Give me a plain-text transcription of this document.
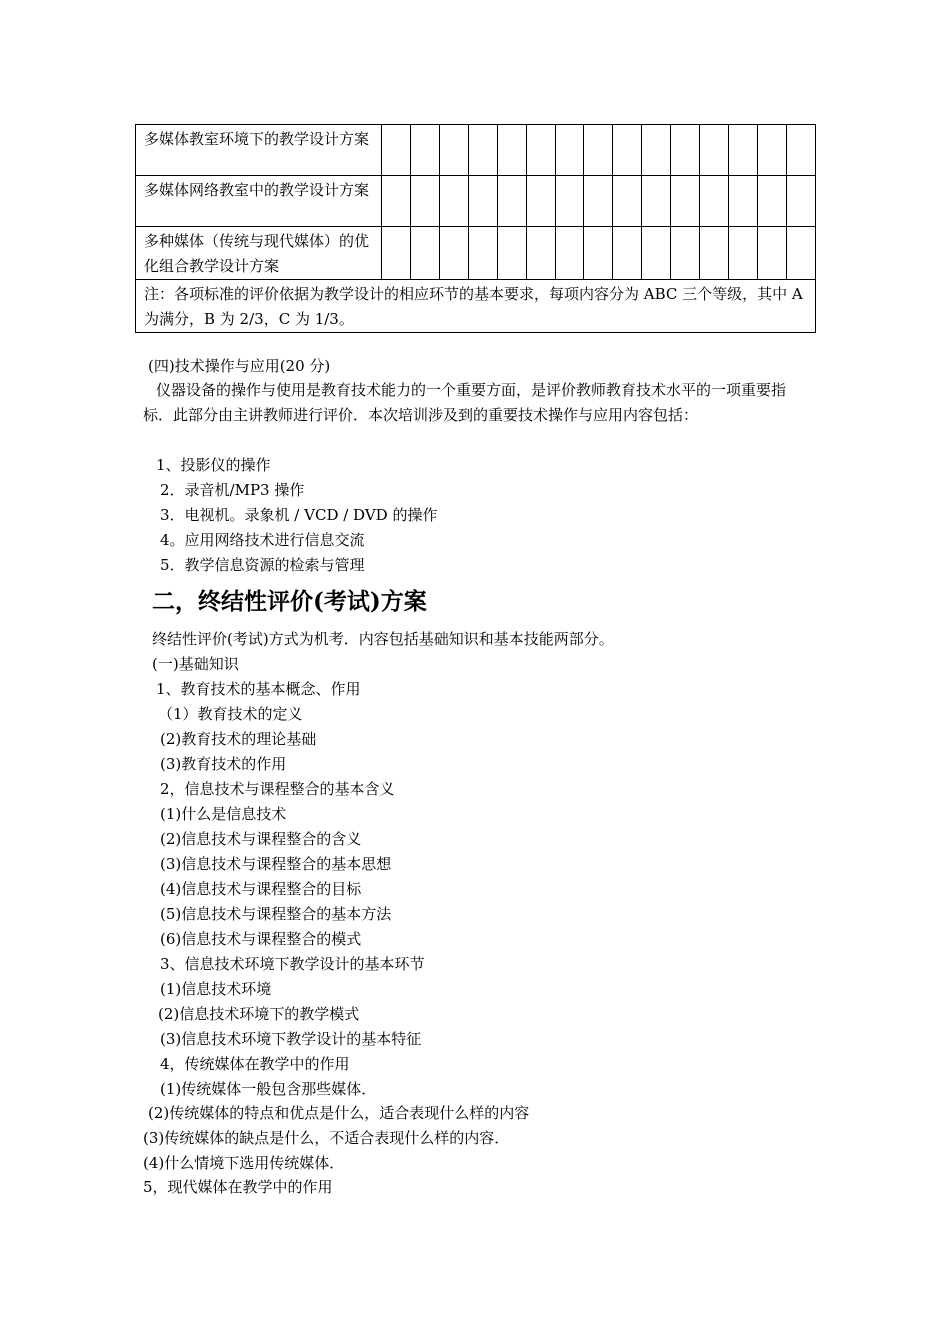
多媒体教室环境下的教学设计方案															
多媒体网络教室中的教学设计方案															
多种媒体（传统与现代媒体）的优化组合教学设计方案															
注：各项标准的评价依据为教学设计的相应环节的基本要求，每项内容分为 ABC 三个等级，其中 A 为满分，B 为 2/3，C 为 1/3。															
(四)技术操作与应用(20 分)
仪器设备的操作与使用是教育技术能力的一个重要方面，是评价教师教育技术水平的一项重要指标．此部分由主讲教师进行评价．本次培训涉及到的重要技术操作与应用内容包括：
1、投影仪的操作
2．录音机/MP3 操作
3．电视机。录象机 / VCD / DVD 的操作
4。应用网络技术进行信息交流
5．教学信息资源的检索与管理
二，终结性评价(考试)方案
终结性评价(考试)方式为机考．内容包括基础知识和基本技能两部分。
(一)基础知识
1、教育技术的基本概念、作用
（1）教育技术的定义
(2)教育技术的理论基础
(3)教育技术的作用
2，信息技术与课程整合的基本含义
(1)什么是信息技术
(2)信息技术与课程整合的含义
(3)信息技术与课程整合的基本思想
(4)信息技术与课程整合的目标
(5)信息技术与课程整合的基本方法
(6)信息技术与课程整合的模式
3、信息技术环境下教学设计的基本环节
(1)信息技术环境
(2)信息技术环境下的教学模式
(3)信息技术环境下教学设计的基本特征
4，传统媒体在教学中的作用
(1)传统媒体一般包含那些媒体．
(2)传统媒体的特点和优点是什么，适合表现什么样的内容
(3)传统媒体的缺点是什么，不适合表现什么样的内容．
(4)什么情境下选用传统媒体．
5，现代媒体在教学中的作用
